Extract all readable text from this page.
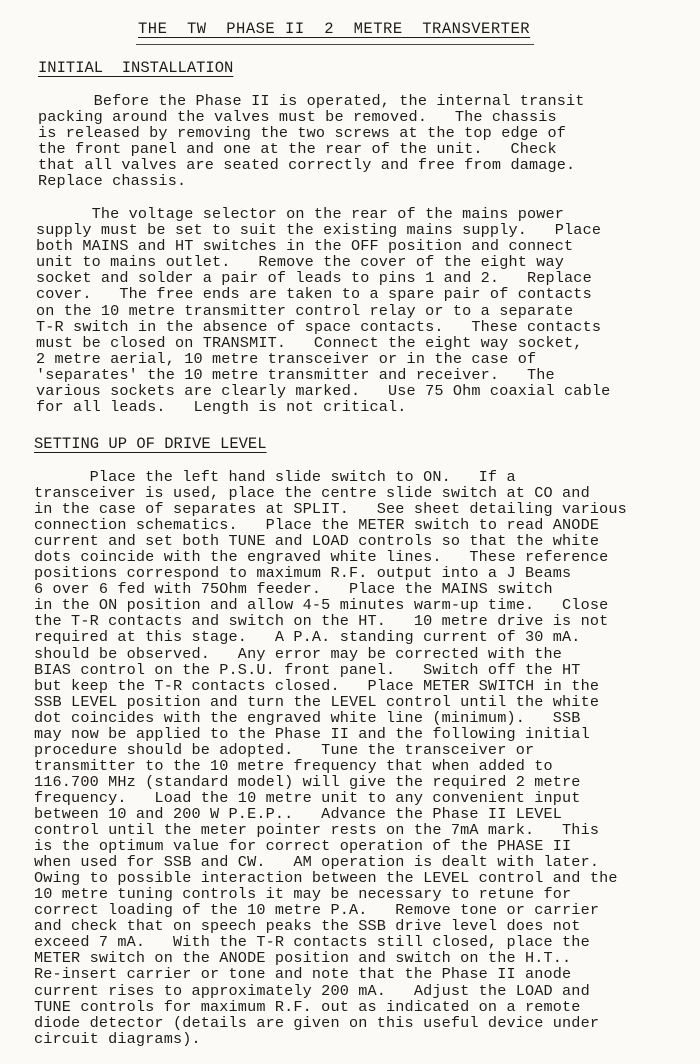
THE  TW  PHASE II  2  METRE  TRANSVERTER
INITIAL  INSTALLATION
Before the Phase II is operated, the internal transit
packing around the valves must be removed.   The chassis
is released by removing the two screws at the top edge of
the front panel and one at the rear of the unit.   Check
that all valves are seated correctly and free from damage.
Replace chassis.
The voltage selector on the rear of the mains power
supply must be set to suit the existing mains supply.   Place
both MAINS and HT switches in the OFF position and connect
unit to mains outlet.   Remove the cover of the eight way
socket and solder a pair of leads to pins 1 and 2.   Replace
cover.   The free ends are taken to a spare pair of contacts
on the 10 metre transmitter control relay or to a separate
T-R switch in the absence of space contacts.   These contacts
must be closed on TRANSMIT.   Connect the eight way socket,
2 metre aerial, 10 metre transceiver or in the case of
'separates' the 10 metre transmitter and receiver.   The
various sockets are clearly marked.   Use 75 Ohm coaxial cable
for all leads.   Length is not critical.
SETTING UP OF DRIVE LEVEL
Place the left hand slide switch to ON.   If a
transceiver is used, place the centre slide switch at CO and
in the case of separates at SPLIT.   See sheet detailing various
connection schematics.   Place the METER switch to read ANODE
current and set both TUNE and LOAD controls so that the white
dots coincide with the engraved white lines.   These reference
positions correspond to maximum R.F. output into a J Beams
6 over 6 fed with 75Ohm feeder.   Place the MAINS switch
in the ON position and allow 4-5 minutes warm-up time.   Close
the T-R contacts and switch on the HT.   10 metre drive is not
required at this stage.   A P.A. standing current of 30 mA.
should be observed.   Any error may be corrected with the
BIAS control on the P.S.U. front panel.   Switch off the HT
but keep the T-R contacts closed.   Place METER SWITCH in the
SSB LEVEL position and turn the LEVEL control until the white
dot coincides with the engraved white line (minimum).   SSB
may now be applied to the Phase II and the following initial
procedure should be adopted.   Tune the transceiver or
transmitter to the 10 metre frequency that when added to
116.700 MHz (standard model) will give the required 2 metre
frequency.   Load the 10 metre unit to any convenient input
between 10 and 200 W P.E.P..   Advance the Phase II LEVEL
control until the meter pointer rests on the 7mA mark.   This
is the optimum value for correct operation of the PHASE II
when used for SSB and CW.   AM operation is dealt with later.
Owing to possible interaction between the LEVEL control and the
10 metre tuning controls it may be necessary to retune for
correct loading of the 10 metre P.A.   Remove tone or carrier
and check that on speech peaks the SSB drive level does not
exceed 7 mA.   With the T-R contacts still closed, place the
METER switch on the ANODE position and switch on the H.T..
Re-insert carrier or tone and note that the Phase II anode
current rises to approximately 200 mA.   Adjust the LOAD and
TUNE controls for maximum R.F. out as indicated on a remote
diode detector (details are given on this useful device under
circuit diagrams).
